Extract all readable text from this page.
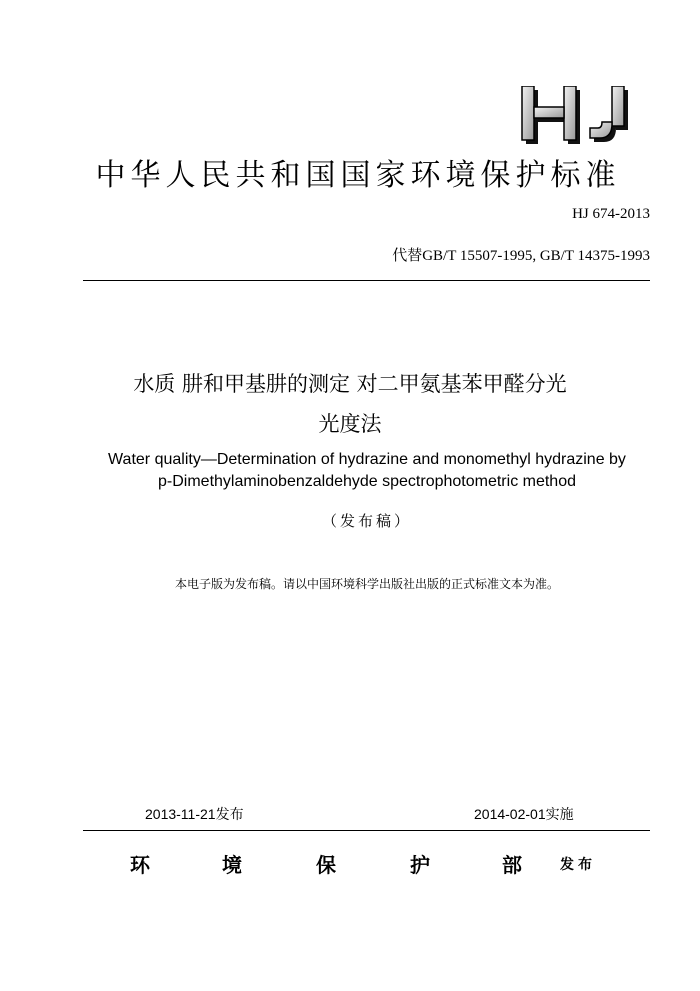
中华人民共和国国家环境保护标准
HJ 674-2013
代替GB/T 15507-1995, GB/T 14375-1993
水质 肼和甲基肼的测定 对二甲氨基苯甲醛分光
光度法
Water quality—Determination of hydrazine and monomethyl hydrazine by
p-Dimethylaminobenzaldehyde spectrophotometric method
（发布稿）
本电子版为发布稿。请以中国环境科学出版社出版的正式标准文本为准。
2013-11-21发布	2014-02-01实施
环	境	保	护	部	发布
